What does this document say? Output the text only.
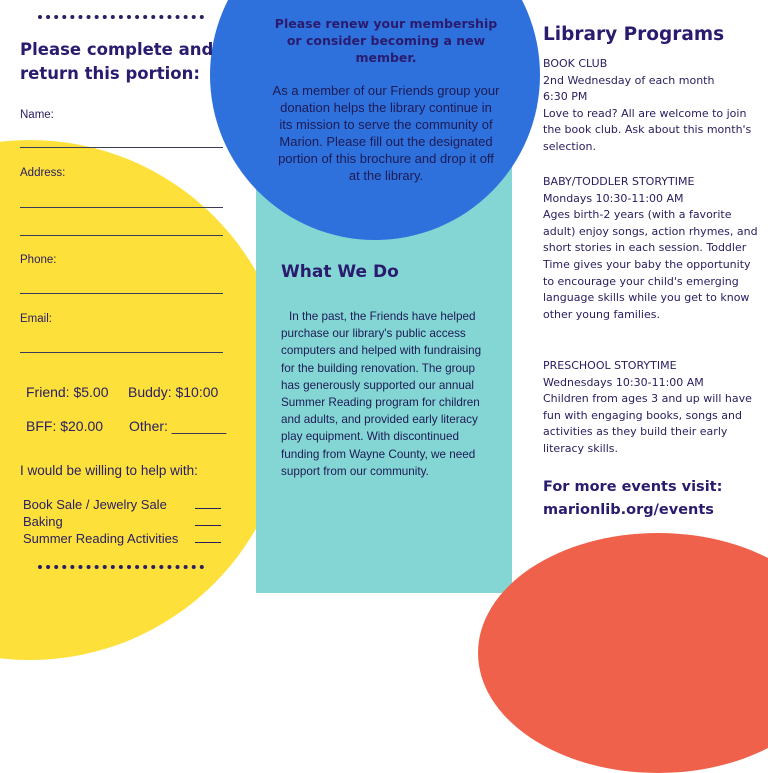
Please complete and return this portion:
Name:
Address:
Phone:
Email:
Friend: $5.00 Buddy: $10:00
BFF: $20.00 Other: _______
I would be willing to help with:
Book Sale / Jewelry Sale
Baking
Summer Reading Activities
Please renew your membership or consider becoming a new member.
As a member of our Friends group your donation helps the library continue in its mission to serve the community of Marion. Please fill out the designated portion of this brochure and drop it off at the library.
What We Do
In the past, the Friends have helped purchase our library's public access computers and helped with fundraising for the building renovation. The group has generously supported our annual Summer Reading program for children and adults, and provided early literacy play equipment. With discontinued funding from Wayne County, we need support from our community.
Library Programs
BOOK CLUB
2nd Wednesday of each month
6:30 PM
Love to read? All are welcome to join the book club. Ask about this month's selection.
BABY/TODDLER STORYTIME
Mondays 10:30-11:00 AM
Ages birth-2 years (with a favorite adult) enjoy songs, action rhymes, and short stories in each session. Toddler Time gives your baby the opportunity to encourage your child's emerging language skills while you get to know other young families.
PRESCHOOL STORYTIME
Wednesdays 10:30-11:00 AM
Children from ages 3 and up will have fun with engaging books, songs and activities as they build their early literacy skills.
For more events visit: marionlib.org/events
